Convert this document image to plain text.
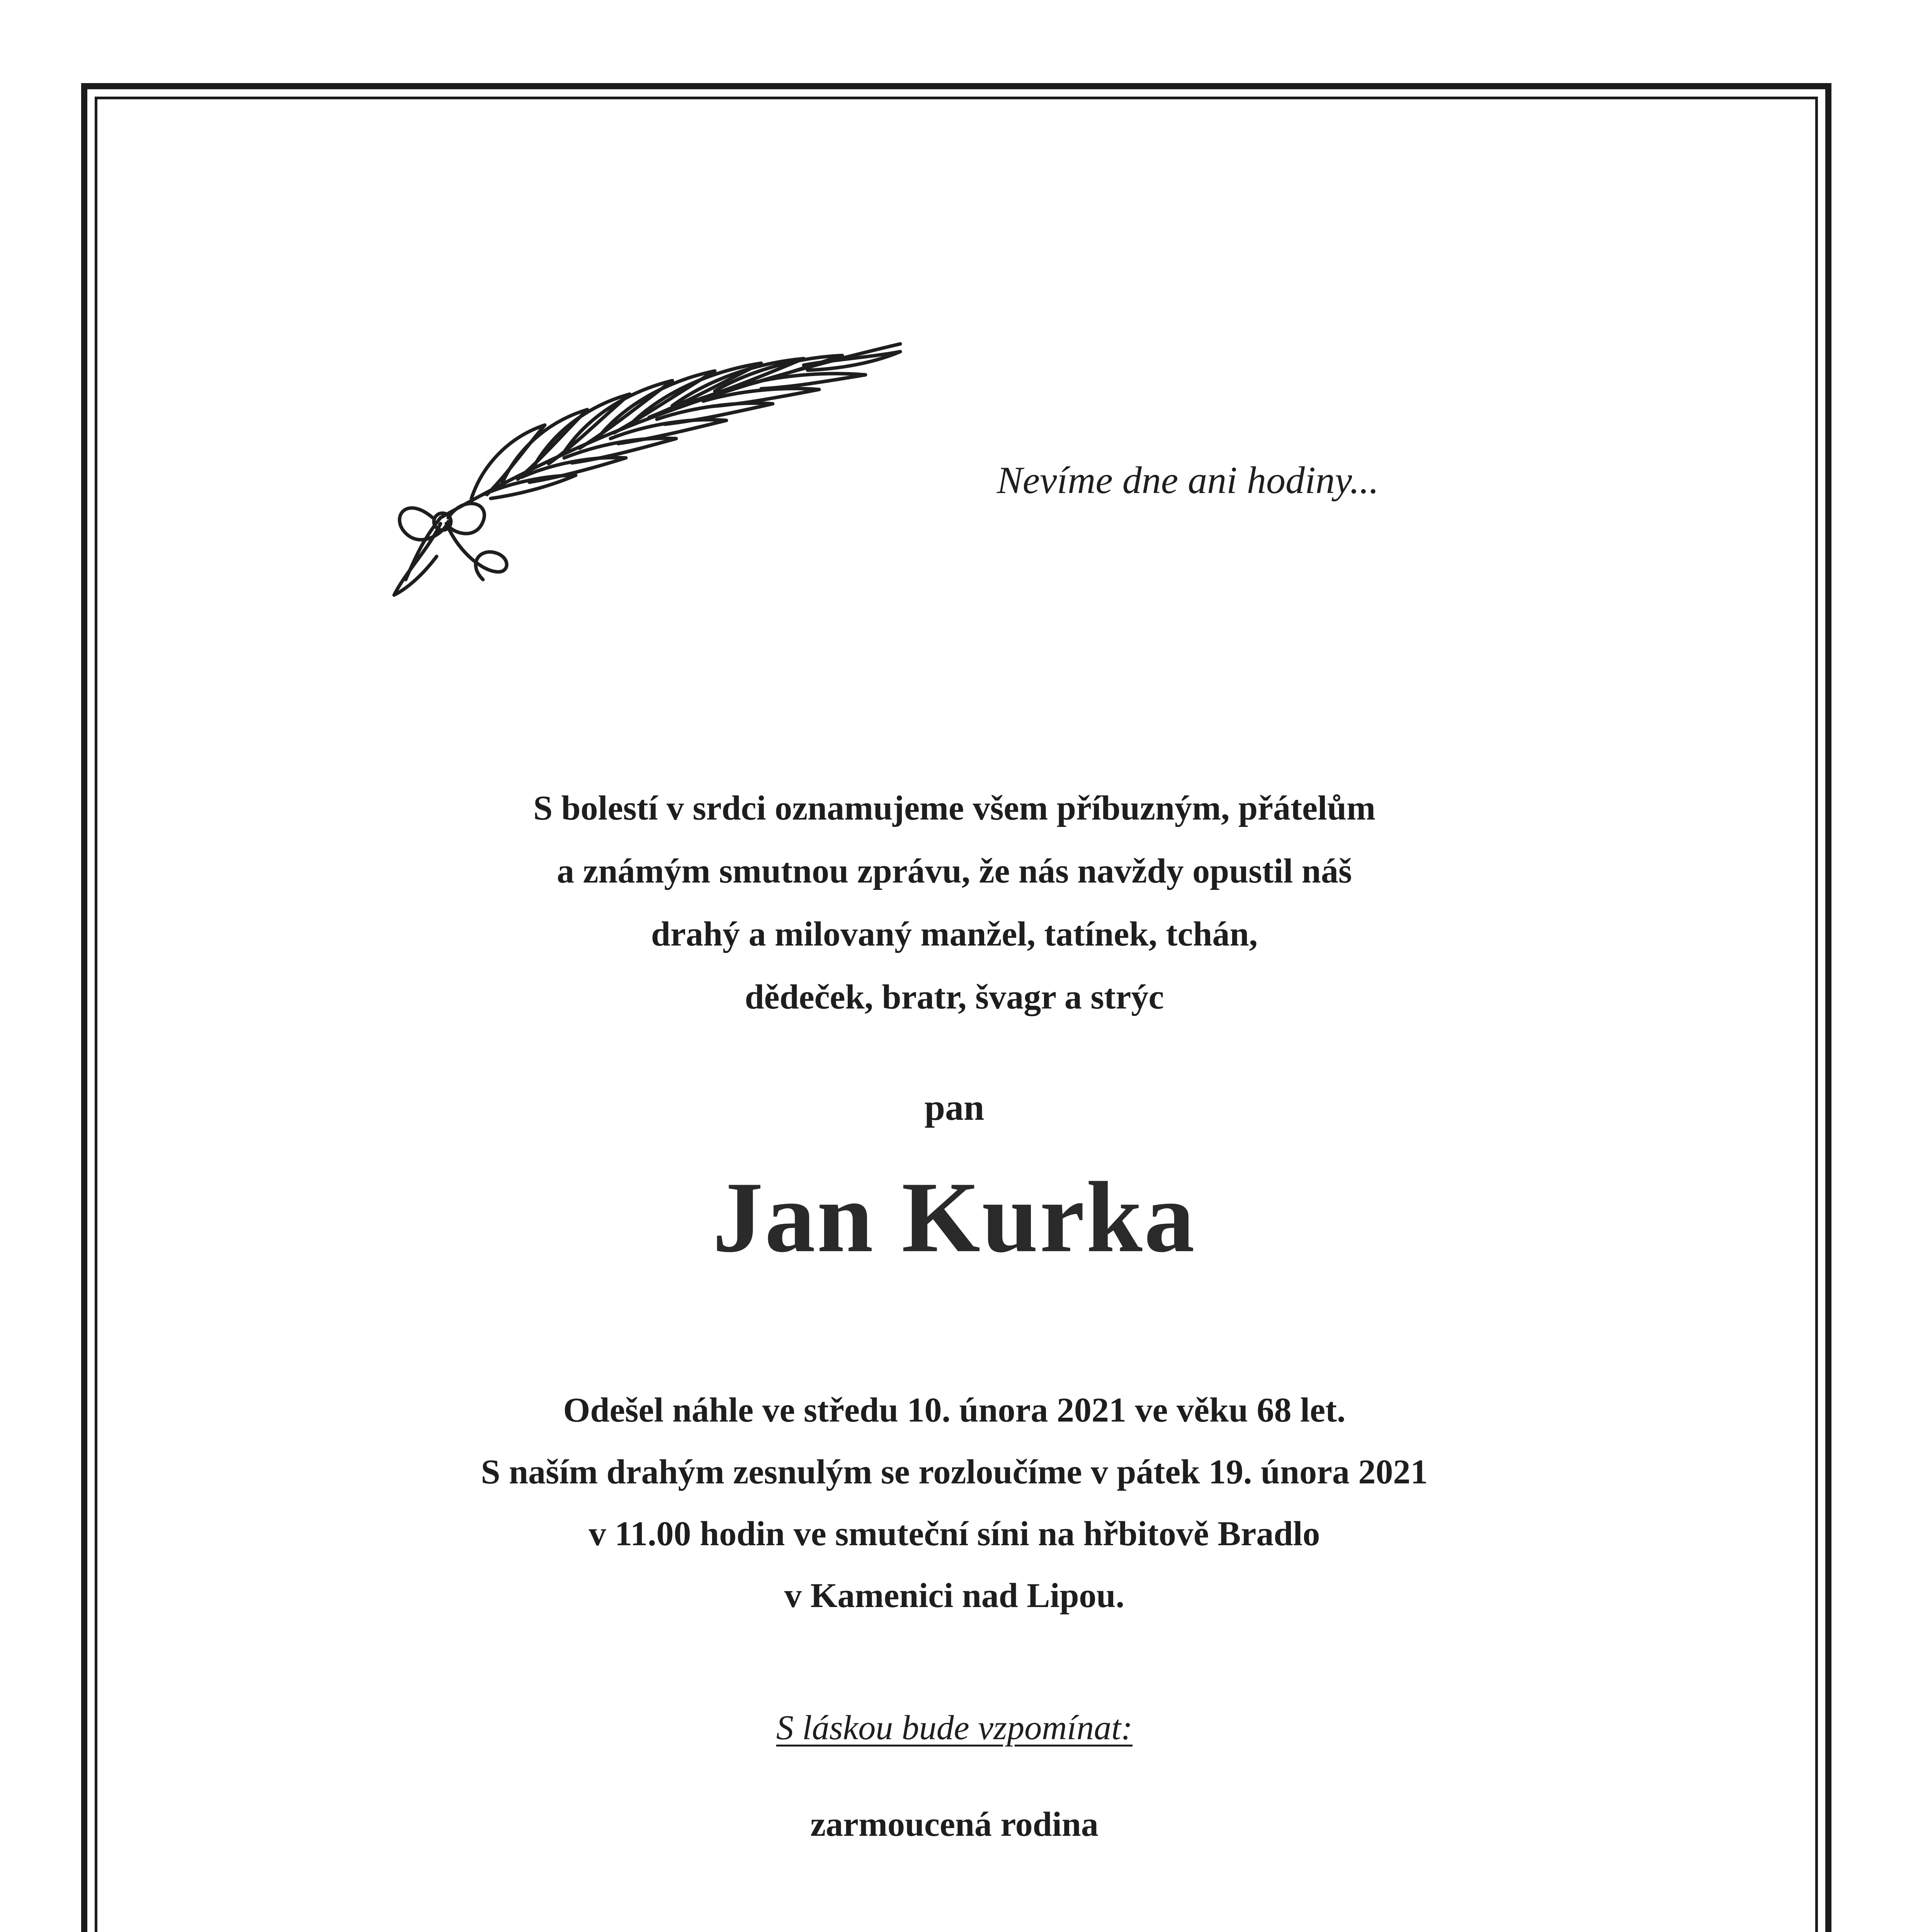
Nevíme dne ani hodiny...
S bolestí v srdci oznamujeme všem příbuzným, přátelům
a známým smutnou zprávu, že nás navždy opustil náš
drahý a milovaný manžel, tatínek, tchán,
dědeček, bratr, švagr a strýc
pan
Jan Kurka
Odešel náhle ve středu 10. února 2021 ve věku 68 let.
S naším drahým zesnulým se rozloučíme v pátek 19. února 2021
v 11.00 hodin ve smuteční síni na hřbitově Bradlo
v Kamenici nad Lipou.
S láskou bude vzpomínat:
zarmoucená rodina
